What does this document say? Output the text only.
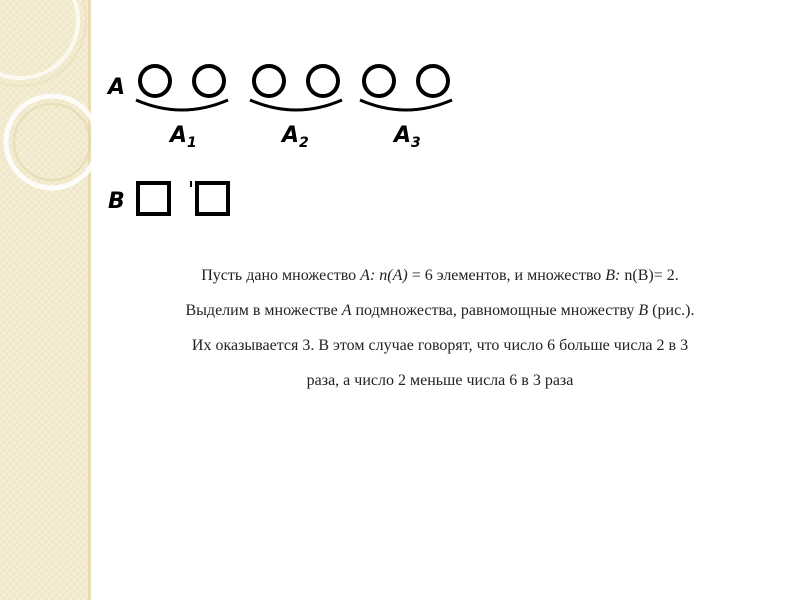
A
A1	A2	A3
B

Пусть дано множество A: n(A) = 6 элементов, и множество B: n(B)= 2.

Выделим в множестве A подмножества, равномощные множеству B (рис.).

Их оказывается 3. В этом случае говорят, что число 6 больше числа 2 в 3

раза, а число 2 меньше числа 6 в 3 раза
